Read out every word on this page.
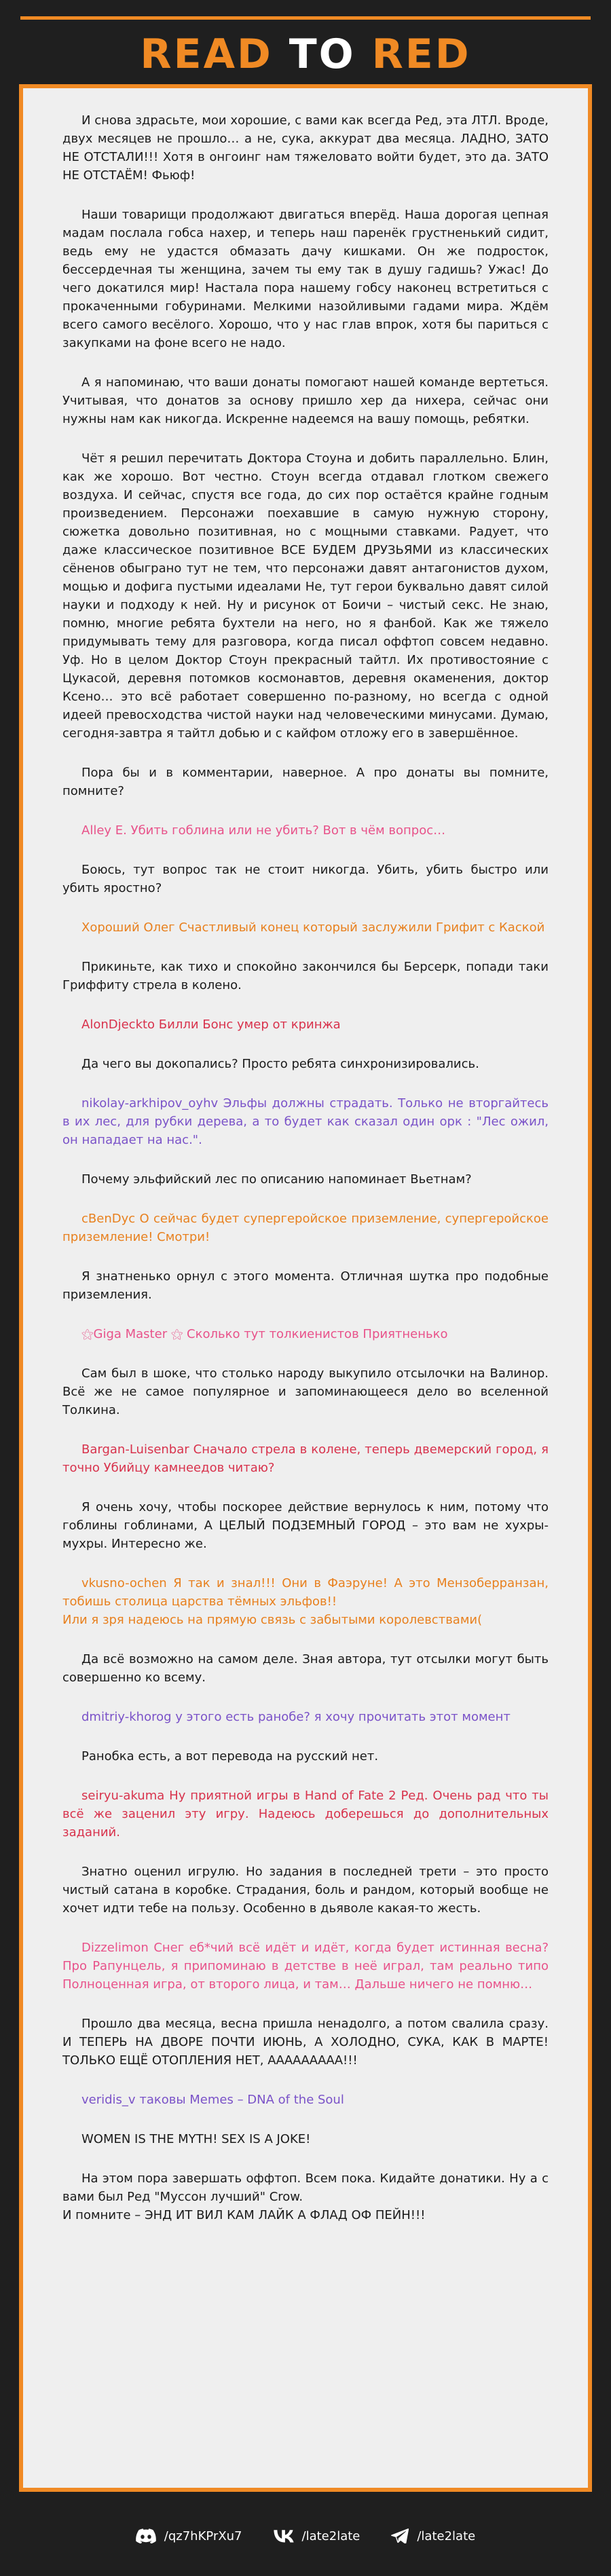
READ TO RED

И снова здрасьте, мои хорошие, с вами как всегда Ред, эта ЛТЛ. Вроде, двух месяцев не прошло… а не, сука, аккурат два месяца. ЛАДНО, ЗАТО НЕ ОТСТАЛИ!!! Хотя в онгоинг нам тяжеловато войти будет, это да. ЗАТО НЕ ОТСТАЁМ! Фьюф!

Наши товарищи продолжают двигаться вперёд. Наша дорогая цепная мадам послала гобса нахер, и теперь наш паренёк грустненький сидит, ведь ему не удастся обмазать дачу кишками. Он же подросток, бессердечная ты женщина, зачем ты ему так в душу гадишь? Ужас! До чего докатился мир! Настала пора нашему гобсу наконец встретиться с прокаченными гобуринами. Мелкими назойливыми гадами мира. Ждём всего самого весёлого. Хорошо, что у нас глав впрок, хотя бы париться с закупками на фоне всего не надо.

А я напоминаю, что ваши донаты помогают нашей команде вертеться. Учитывая, что донатов за основу пришло хер да нихера, сейчас они нужны нам как никогда. Искренне надеемся на вашу помощь, ребятки.

Чёт я решил перечитать Доктора Стоуна и добить параллельно. Блин, как же хорошо. Вот честно. Стоун всегда отдавал глотком свежего воздуха. И сейчас, спустя все года, до сих пор остаётся крайне годным произведением. Персонажи поехавшие в самую нужную сторону, сюжетка довольно позитивная, но с мощными ставками. Радует, что даже классическое позитивное ВСЕ БУДЕМ ДРУЗЬЯМИ из классических сёненов обыграно тут не тем, что персонажи давят антагонистов духом, мощью и дофига пустыми идеалами Не, тут герои буквально давят силой науки и подходу к ней. Ну и рисунок от Боичи – чистый секс. Не знаю, помню, многие ребята бухтели на него, но я фанбой. Как же тяжело придумывать тему для разговора, когда писал оффтоп совсем недавно. Уф. Но в целом Доктор Стоун прекрасный тайтл. Их противостояние с Цукасой, деревня потомков космонавтов, деревня окаменения, доктор Ксено… это всё работает совершенно по-разному, но всегда с одной идеей превосходства чистой науки над человеческими минусами. Думаю, сегодня-завтра я тайтл добью и с кайфом отложу его в завершённое.

Пора бы и в комментарии, наверное. А про донаты вы помните, помните?

Alley E. Убить гоблина или не убить? Вот в чём вопрос…

Боюсь, тут вопрос так не стоит никогда. Убить, убить быстро или убить яростно?

Хороший Олег Счастливый конец который заслужили Грифит с Каской

Прикиньте, как тихо и спокойно закончился бы Берсерк, попади таки Гриффиту стрела в колено.

AlonDjeckto Билли Бонс умер от кринжа

Да чего вы докопались? Просто ребята синхронизировались.

nikolay-arkhipov_oyhv Эльфы должны страдать. Только не вторгайтесь в их лес, для рубки дерева, а то будет как сказал один орк : "Лес ожил, он нападает на нас.".

Почему эльфийский лес по описанию напоминает Вьетнам?

cBenDyc О сейчас будет супергеройское приземление, супергеройское приземление! Смотри!

Я знатненько орнул с этого момента. Отличная шутка про подобные приземления.

⚝Giga Master ⚝ Сколько тут толкиенистов Приятненько

Сам был в шоке, что столько народу выкупило отсылочки на Валинор. Всё же не самое популярное и запоминающееся дело во вселенной Толкина.

Bargan-Luisenbar Сначало стрела в колене, теперь двемерский город, я точно Убийцу камнеедов читаю?

Я очень хочу, чтобы поскорее действие вернулось к ним, потому что гоблины гоблинами, А ЦЕЛЫЙ ПОДЗЕМНЫЙ ГОРОД – это вам не хухры-мухры. Интересно же.

vkusno-ochen Я так и знал!!! Они в Фаэруне! А это Мензоберранзан, тобишь столица царства тёмных эльфов!!
Или я зря надеюсь на прямую связь с забытыми королевствами(

Да всё возможно на самом деле. Зная автора, тут отсылки могут быть совершенно ко всему.

dmitriy-khorog у этого есть ранобе? я хочу прочитать этот момент

Ранобка есть, а вот перевода на русский нет.

seiryu-akuma Ну приятной игры в Hand of Fate 2 Ред. Очень рад что ты всё же заценил эту игру. Надеюсь доберешься до дополнительных заданий.

Знатно оценил игрулю. Но задания в последней трети – это просто чистый сатана в коробке. Страдания, боль и рандом, который вообще не хочет идти тебе на пользу. Особенно в дьяволе какая-то жесть.

Dizzelimon Снег еб*чий всё идёт и идёт, когда будет истинная весна? Про Рапунцель, я припоминаю в детстве в неё играл, там реально типо Полноценная игра, от второго лица, и там… Дальше ничего не помню…

Прошло два месяца, весна пришла ненадолго, а потом свалила сразу. И ТЕПЕРЬ НА ДВОРЕ ПОЧТИ ИЮНЬ, А ХОЛОДНО, СУКА, КАК В МАРТЕ! ТОЛЬКО ЕЩЁ ОТОПЛЕНИЯ НЕТ, ААААААААА!!!

veridis_v таковы Memes – DNA of the Soul

WOMEN IS THE MYTH! SEX IS A JOKE!

На этом пора завершать оффтоп. Всем пока. Кидайте донатики. Ну а с вами был Ред "Муссон лучший" Crow.
И помните – ЭНД ИТ ВИЛ КАМ ЛАЙК А ФЛАД ОФ ПЕЙН!!!

/qz7hKPrXu7	/late2late	/late2late
